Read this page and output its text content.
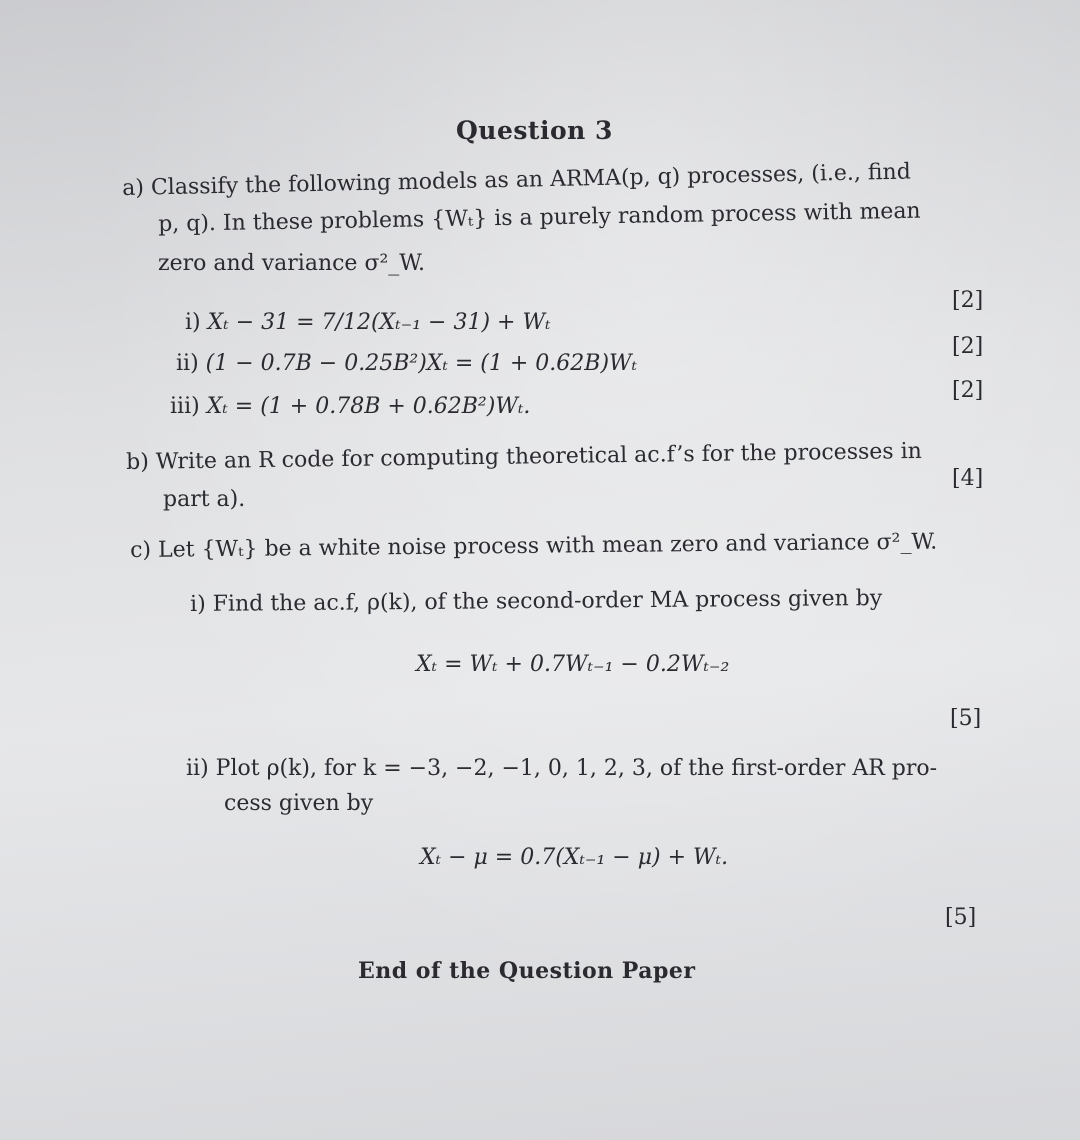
Question 3
a) Classify the following models as an ARMA(p, q) processes, (i.e., find
p, q). In these problems {Wₜ} is a purely random process with mean
zero and variance σ²_W.
i) Xₜ − 31 = 7/12(Xₜ₋₁ − 31) + Wₜ
[2]
ii) (1 − 0.7B − 0.25B²)Xₜ = (1 + 0.62B)Wₜ
[2]
iii) Xₜ = (1 + 0.78B + 0.62B²)Wₜ.
[2]
b) Write an R code for computing theoretical ac.f’s for the processes in
part a).
[4]
c) Let {Wₜ} be a white noise process with mean zero and variance σ²_W.
i) Find the ac.f, ρ(k), of the second-order MA process given by
Xₜ = Wₜ + 0.7Wₜ₋₁ − 0.2Wₜ₋₂
[5]
ii) Plot ρ(k), for k = −3, −2, −1, 0, 1, 2, 3, of the first-order AR pro-
cess given by
Xₜ − μ = 0.7(Xₜ₋₁ − μ) + Wₜ.
[5]
End of the Question Paper
